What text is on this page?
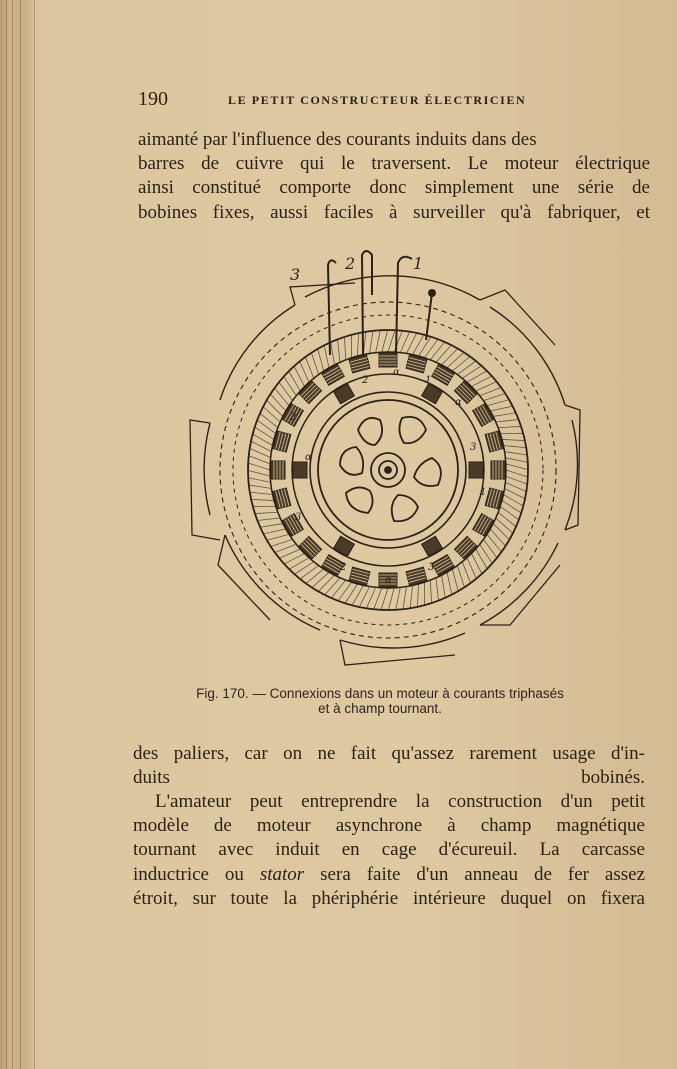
190	LE PETIT CONSTRUCTEUR ÉLECTRICIEN
aimanté par l'influence des courants induits dans des
barres de cuivre qui le traversent. Le moteur électrique
ainsi constitué comporte donc simplement une série de
bobines fixes, aussi faciles à surveiller qu'à fabriquer, et
3
2	1
2	1
α
2
3
2	3
1
3
α
α
α
Fig. 170. — Connexions dans un moteur à courants triphasés
et à champ tournant.
des paliers, car on ne fait qu'assez rarement usage d'in-
duits bobinés.
L'amateur peut entreprendre la construction d'un petit
modèle de moteur asynchrone à champ magnétique
tournant avec induit en cage d'écureuil. La carcasse
inductrice ou stator sera faite d'un anneau de fer assez
étroit, sur toute la phériphérie intérieure duquel on fixera
